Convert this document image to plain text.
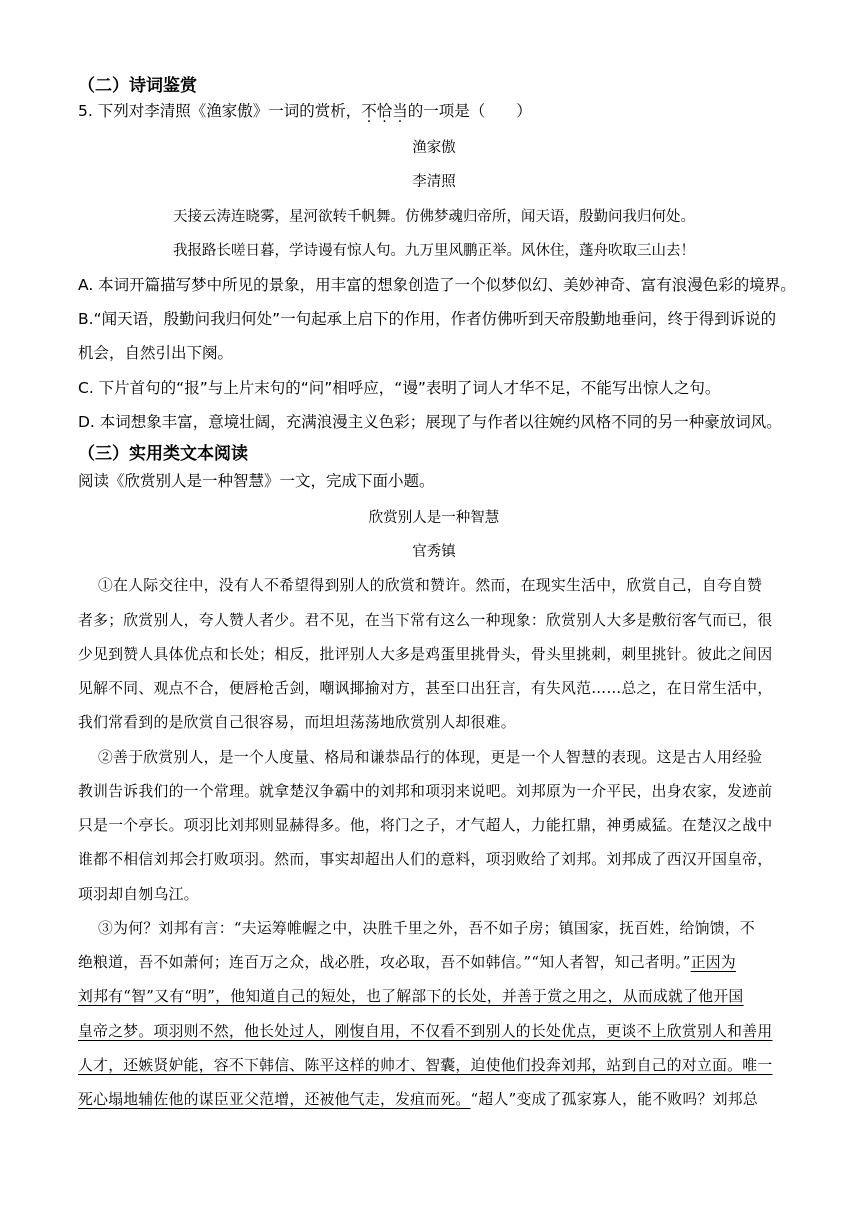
（二）诗词鉴赏
5. 下列对李清照《渔家傲》一词的赏析，不恰当的一项是（　　）
渔家傲
李清照
天接云涛连晓雾，星河欲转千帆舞。仿佛梦魂归帝所，闻天语，殷勤问我归何处。
我报路长嗟日暮，学诗谩有惊人句。九万里风鹏正举。风休住，蓬舟吹取三山去！
A. 本词开篇描写梦中所见的景象，用丰富的想象创造了一个似梦似幻、美妙神奇、富有浪漫色彩的境界。
B.“闻天语，殷勤问我归何处”一句起承上启下的作用，作者仿佛听到天帝殷勤地垂问，终于得到诉说的
机会，自然引出下阕。
C. 下片首句的“报”与上片末句的“问”相呼应，“谩”表明了词人才华不足，不能写出惊人之句。
D. 本词想象丰富，意境壮阔，充满浪漫主义色彩；展现了与作者以往婉约风格不同的另一种豪放词风。
（三）实用类文本阅读
阅读《欣赏别人是一种智慧》一文，完成下面小题。
欣赏别人是一种智慧
官秀镇
①在人际交往中，没有人不希望得到别人的欣赏和赞许。然而，在现实生活中，欣赏自己，自夸自赞
者多；欣赏别人，夸人赞人者少。君不见，在当下常有这么一种现象：欣赏别人大多是敷衍客气而已，很
少见到赞人具体优点和长处；相反，批评别人大多是鸡蛋里挑骨头，骨头里挑刺，刺里挑针。彼此之间因
见解不同、观点不合，便唇枪舌剑，嘲讽揶揄对方，甚至口出狂言，有失风范……总之，在日常生活中，
我们常看到的是欣赏自己很容易，而坦坦荡荡地欣赏别人却很难。
②善于欣赏别人，是一个人度量、格局和谦恭品行的体现，更是一个人智慧的表现。这是古人用经验
教训告诉我们的一个常理。就拿楚汉争霸中的刘邦和项羽来说吧。刘邦原为一介平民，出身农家，发迹前
只是一个亭长。项羽比刘邦则显赫得多。他，将门之子，才气超人，力能扛鼎，神勇威猛。在楚汉之战中
谁都不相信刘邦会打败项羽。然而，事实却超出人们的意料，项羽败给了刘邦。刘邦成了西汉开国皇帝，
项羽却自刎乌江。
③为何？刘邦有言：“夫运筹帷幄之中，决胜千里之外，吾不如子房；镇国家，抚百姓，给饷馈，不
绝粮道，吾不如萧何；连百万之众，战必胜，攻必取，吾不如韩信。”“知人者智，知己者明。”正因为
刘邦有“智”又有“明”，他知道自己的短处，也了解部下的长处，并善于赏之用之，从而成就了他开国
皇帝之梦。项羽则不然，他长处过人，刚愎自用，不仅看不到别人的长处优点，更谈不上欣赏别人和善用
人才，还嫉贤妒能，容不下韩信、陈平这样的帅才、智囊，迫使他们投奔刘邦，站到自己的对立面。唯一
死心塌地辅佐他的谋臣亚父范增，还被他气走，发疽而死。“超人”变成了孤家寡人，能不败吗？刘邦总
